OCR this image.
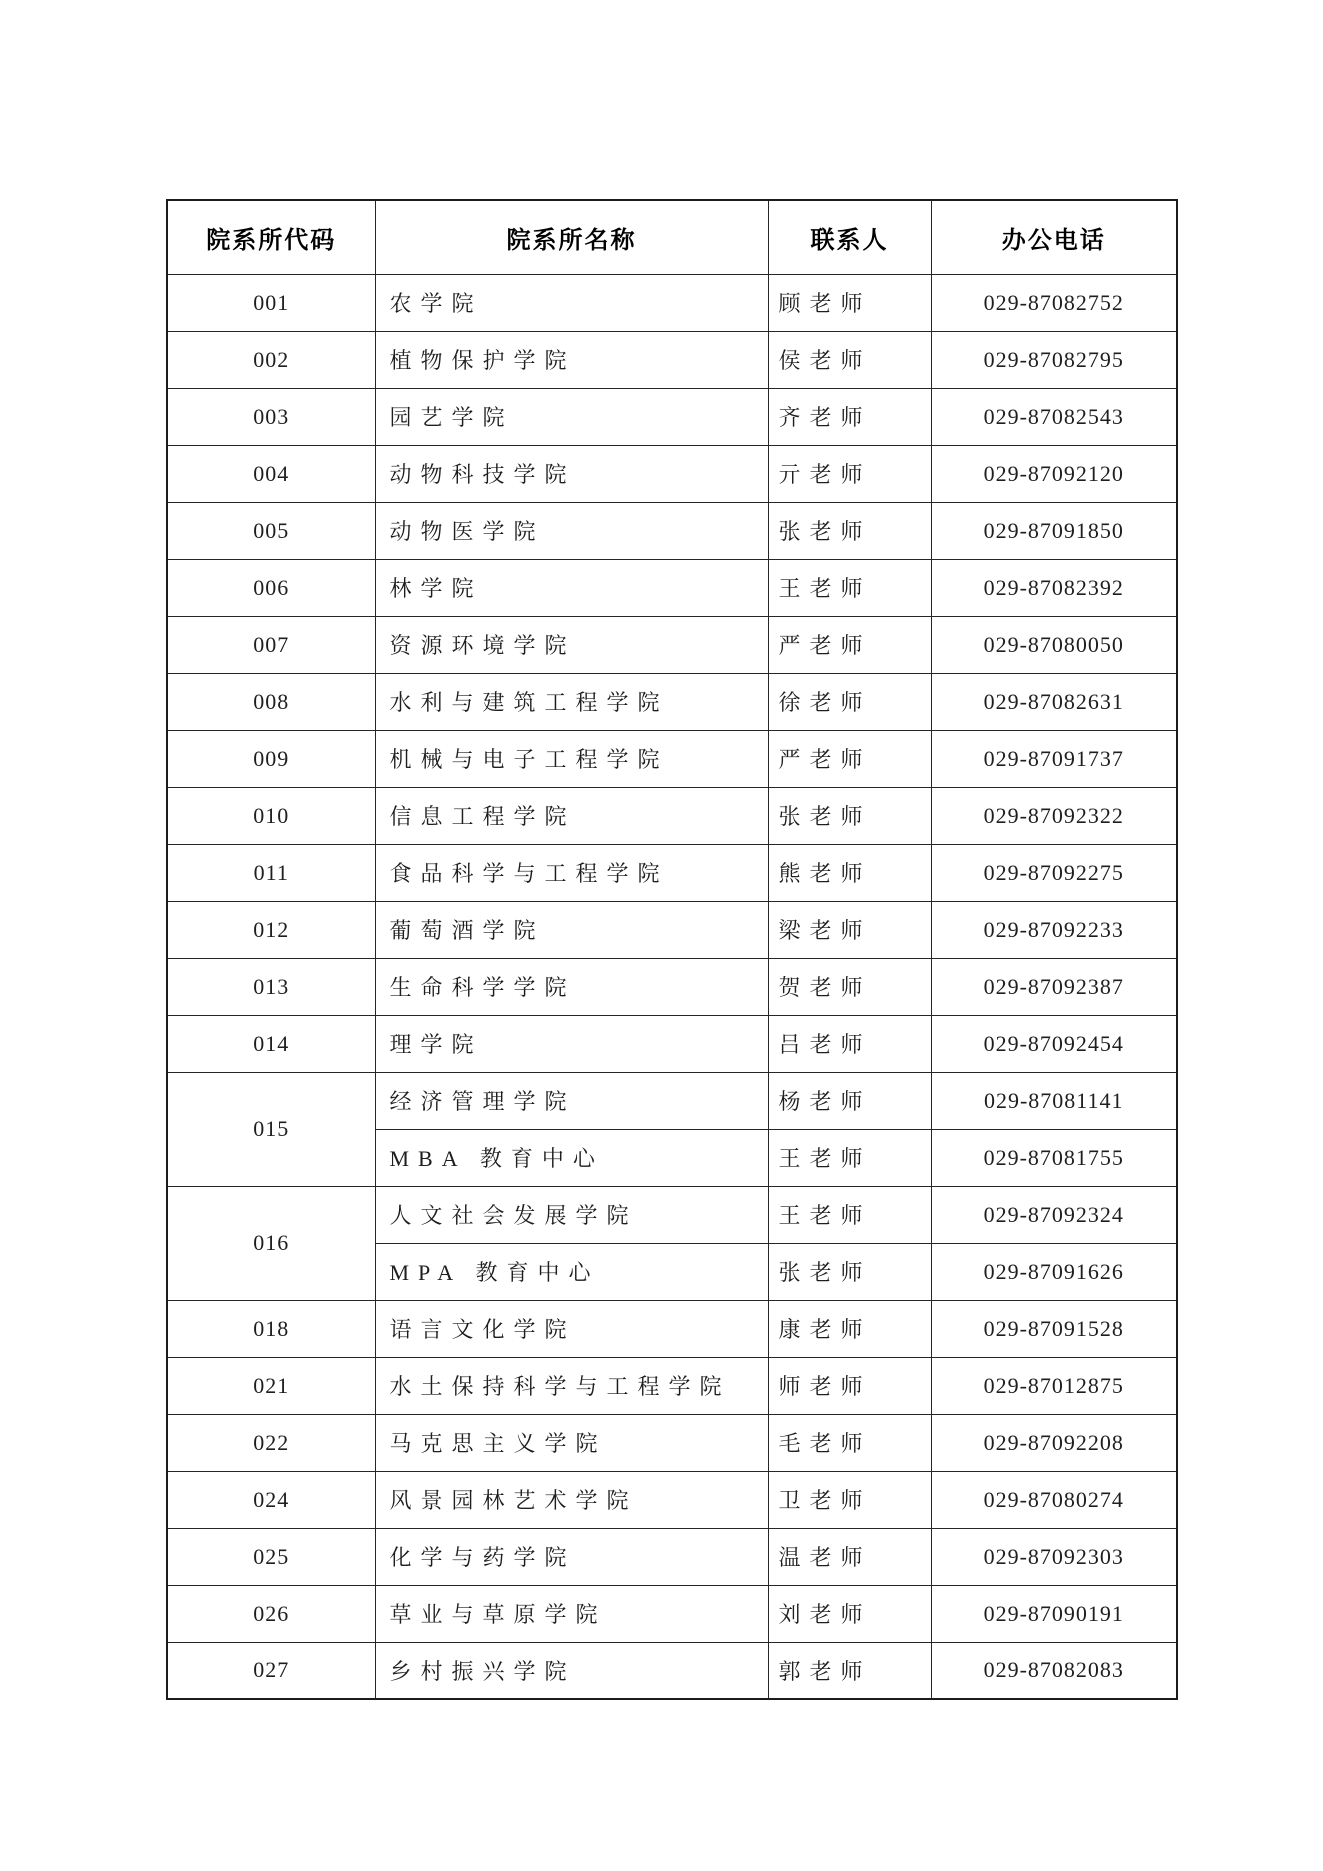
院系所代码	院系所名称	联系人	办公电话
001	农学院	顾老师	029-87082752
002	植物保护学院	侯老师	029-87082795
003	园艺学院	齐老师	029-87082543
004	动物科技学院	亓老师	029-87092120
005	动物医学院	张老师	029-87091850
006	林学院	王老师	029-87082392
007	资源环境学院	严老师	029-87080050
008	水利与建筑工程学院	徐老师	029-87082631
009	机械与电子工程学院	严老师	029-87091737
010	信息工程学院	张老师	029-87092322
011	食品科学与工程学院	熊老师	029-87092275
012	葡萄酒学院	梁老师	029-87092233
013	生命科学学院	贺老师	029-87092387
014	理学院	吕老师	029-87092454
015	经济管理学院	杨老师	029-87081141
	MBA 教育中心	王老师	029-87081755
016	人文社会发展学院	王老师	029-87092324
	MPA 教育中心	张老师	029-87091626
018	语言文化学院	康老师	029-87091528
021	水土保持科学与工程学院	师老师	029-87012875
022	马克思主义学院	毛老师	029-87092208
024	风景园林艺术学院	卫老师	029-87080274
025	化学与药学院	温老师	029-87092303
026	草业与草原学院	刘老师	029-87090191
027	乡村振兴学院	郭老师	029-87082083
